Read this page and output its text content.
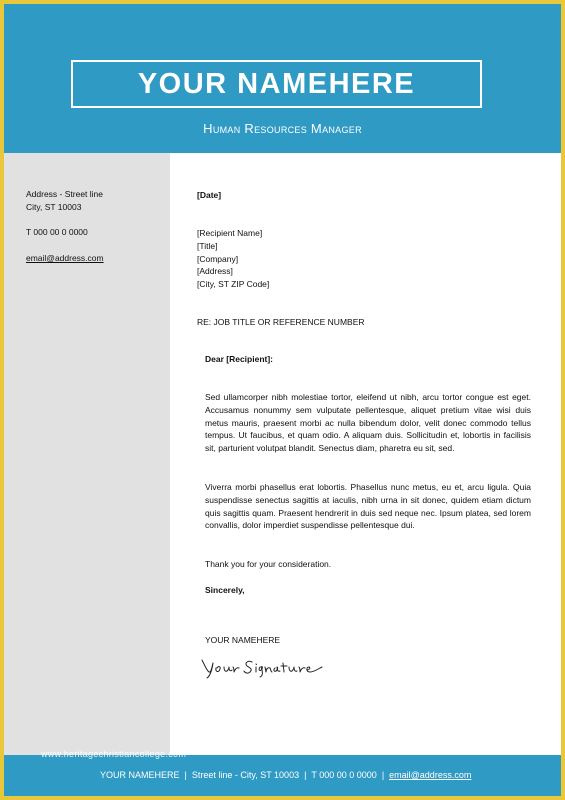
YOUR NAMEHERE
Human Resources Manager
Address - Street line
City, ST 10003
T 000 00 0 0000
email@address.com
[Date]
[Recipient Name]
[Title]
[Company]
[Address]
[City, ST ZIP Code]
RE: JOB TITLE OR REFERENCE NUMBER
Dear [Recipient]:
Sed ullamcorper nibh molestiae tortor, eleifend ut nibh, arcu tortor congue est eget. Accusamus nonummy sem vulputate pellentesque, aliquet pretium vitae wisi duis metus mauris, praesent morbi ac nulla bibendum dolor, velit donec commodo tellus tempus. Ut faucibus, et quam odio. A aliquam duis. Sollicitudin et, lobortis in facilisis sit, parturient volutpat blandit. Senectus diam, pharetra eu sit, sed.
Viverra morbi phasellus erat lobortis. Phasellus nunc metus, eu et, arcu ligula. Quia suspendisse senectus sagittis at iaculis, nibh urna in sit donec, quidem etiam dictum quis sagittis quam. Praesent hendrerit in duis sed neque nec. Ipsum platea, sed lorem convallis, dolor imperdiet suspendisse pellentesque dui.
Thank you for your consideration.
Sincerely,
YOUR NAMEHERE
YOUR NAMEHERE | Street line - City, ST 10003 | T 000 00 0 0000 | email@address.com
www.heritagechristiancollege.com
